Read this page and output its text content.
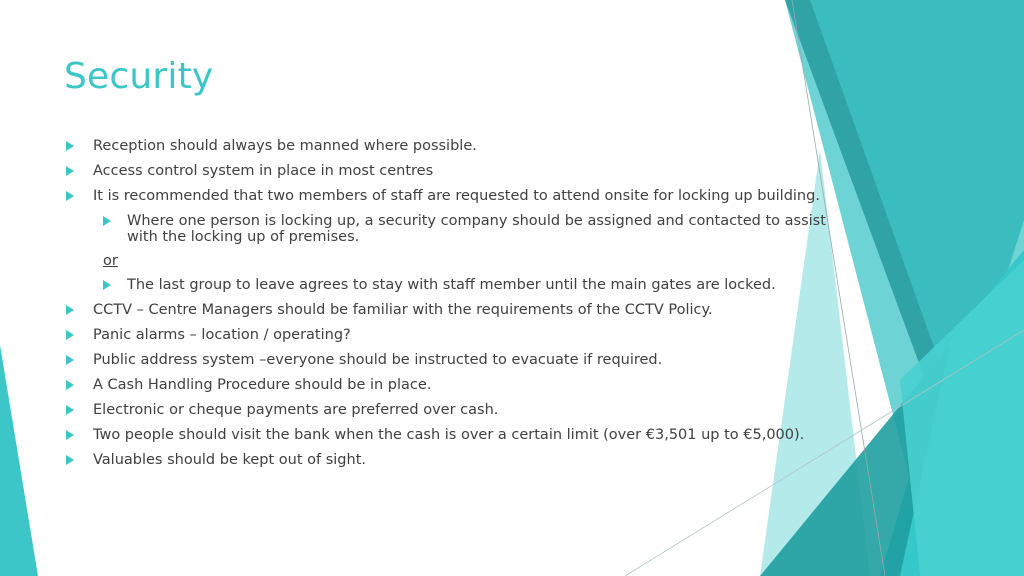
Security
Reception should always be manned where possible.
Access control system in place in most centres
It is recommended that two members of staff are requested to attend onsite for locking up building.
Where one person is locking up, a security company should be assigned and contacted to assist
with the locking up of premises.
or
The last group to leave agrees to stay with staff member until the main gates are locked.
CCTV – Centre Managers should be familiar with the requirements of the CCTV Policy.
Panic alarms – location / operating?
Public address system –everyone should be instructed to evacuate if required.
A Cash Handling Procedure should be in place.
Electronic or cheque payments are preferred over cash.
Two people should visit the bank when the cash is over a certain limit (over €3,501 up to €5,000).
Valuables should be kept out of sight.
